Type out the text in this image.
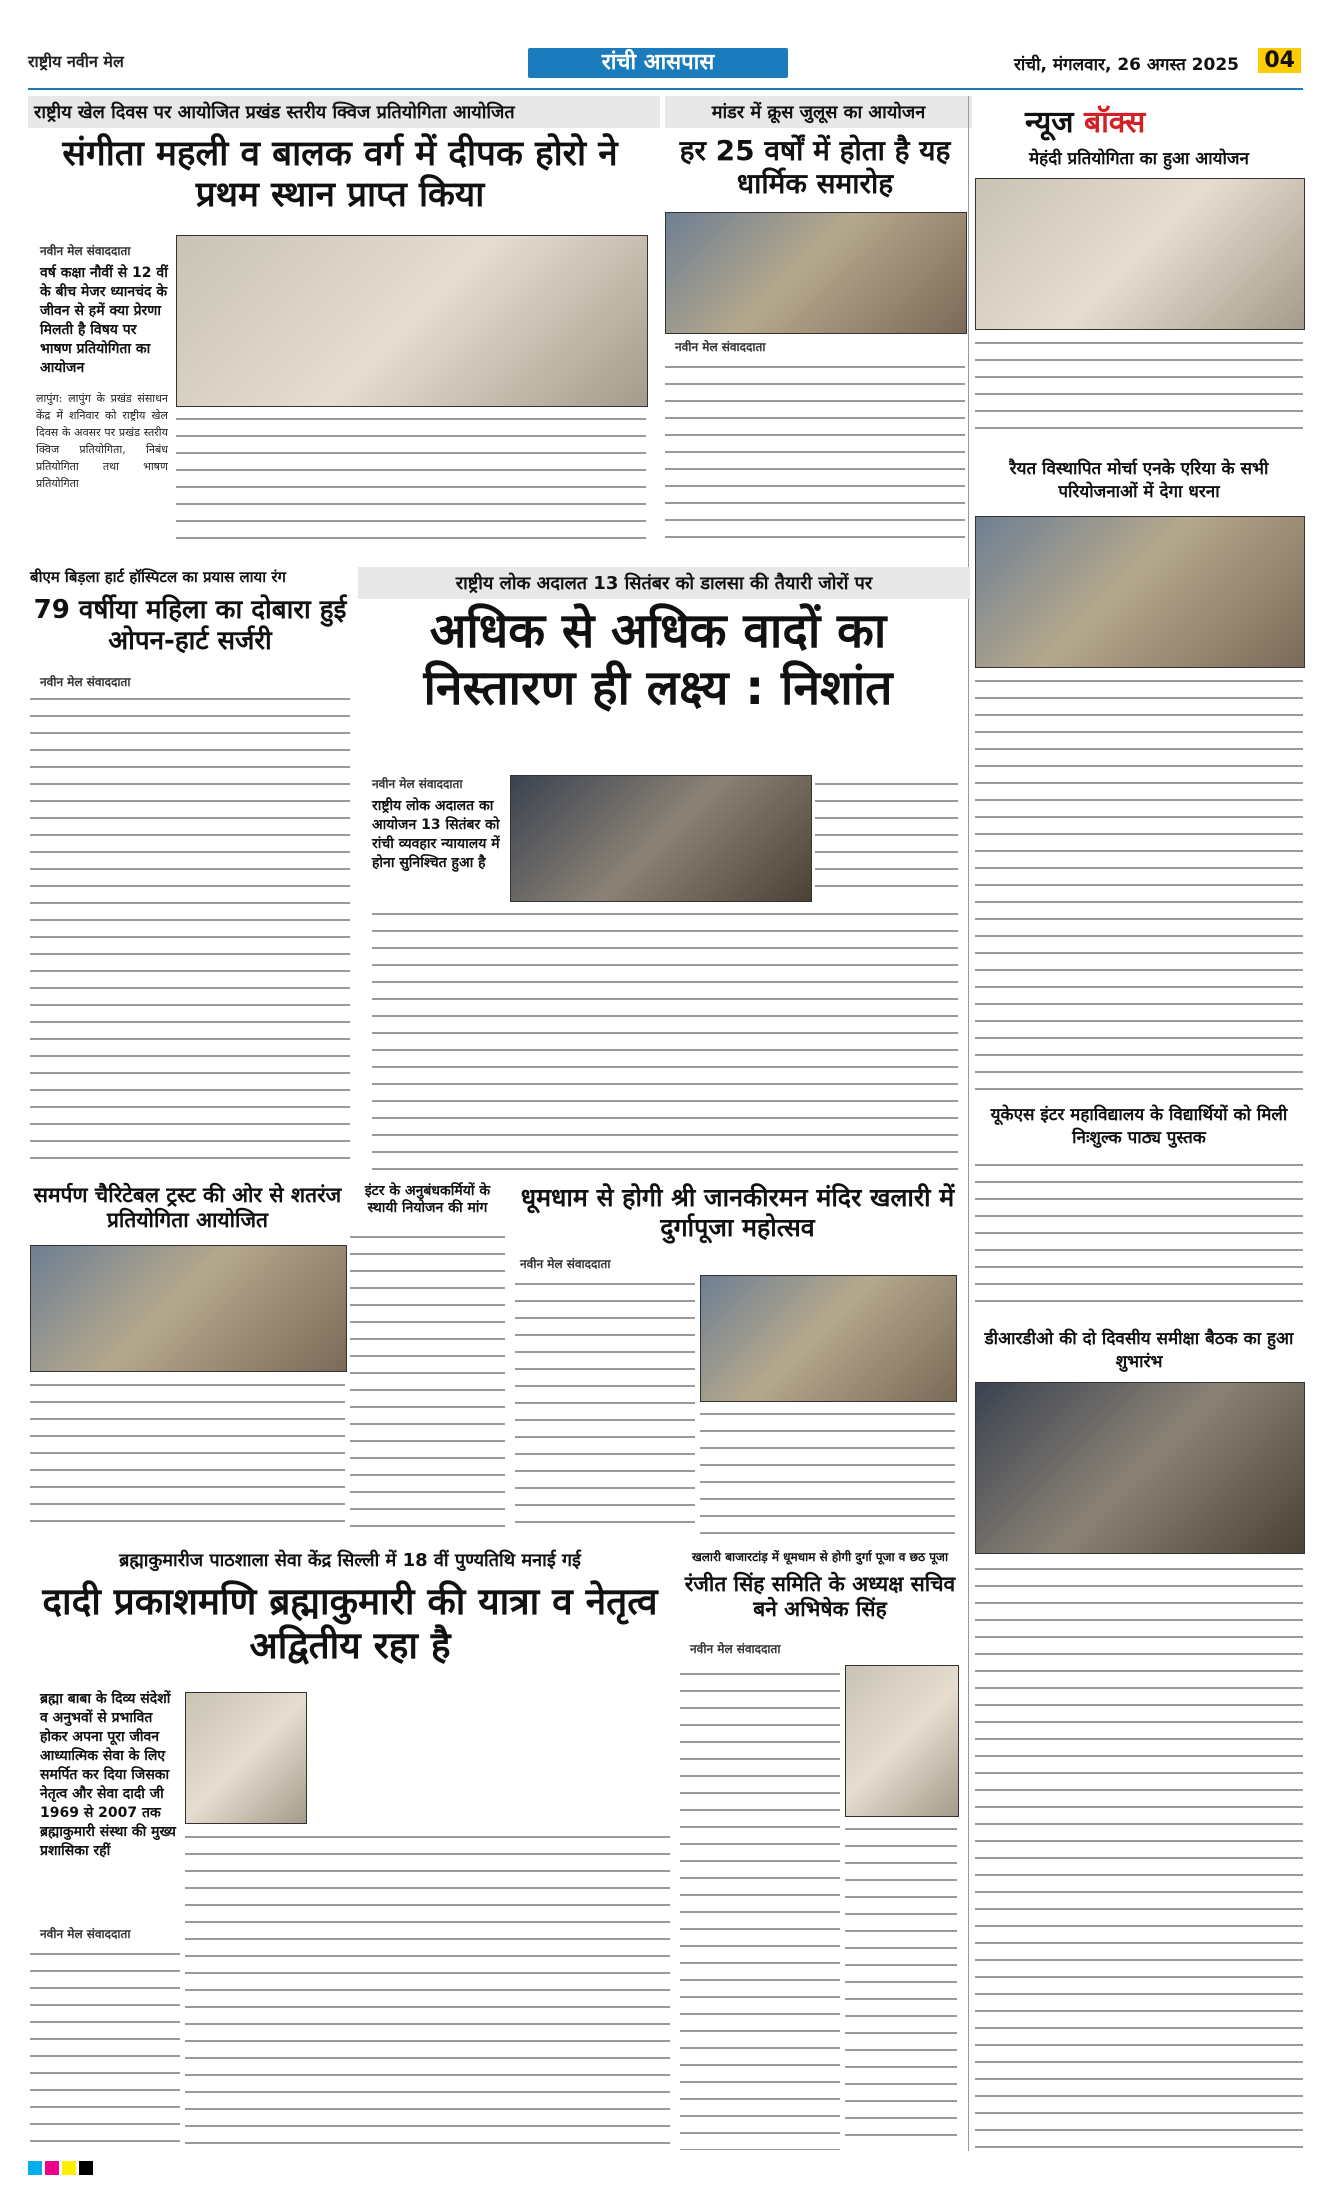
राष्ट्रीय नवीन मेल	रांची आसपास	रांची, मंगलवार, 26 अगस्त 2025 04
राष्ट्रीय खेल दिवस पर आयोजित प्रखंड स्तरीय क्विज प्रतियोगिता आयोजित
संगीता महली व बालक वर्ग में दीपक होरो ने प्रथम स्थान प्राप्त किया
नवीन मेल संवाददाता
वर्ष कक्षा नौवीं से 12 वीं के बीच मेजर ध्यानचंद के जीवन से हमें क्या प्रेरणा मिलती है विषय पर भाषण प्रतियोगिता का आयोजन
लापुंग: लापुंग के प्रखंड संसाधन केंद्र में शनिवार को राष्ट्रीय खेल दिवस के अवसर पर प्रखंड स्तरीय क्विज प्रतियोगिता, निबंध प्रतियोगिता तथा भाषण प्रतियोगिता
मांडर में क्रूस जुलूस का आयोजन
हर 25 वर्षों में होता है यह धार्मिक समारोह
नवीन मेल संवाददाता
न्यूज बॉक्स
मेहंदी प्रतियोगिता का हुआ आयोजन
रैयत विस्थापित मोर्चा एनके एरिया के सभी परियोजनाओं में देगा धरना
यूकेएस इंटर महाविद्यालय के विद्यार्थियों को मिली निःशुल्क पाठ्य पुस्तक
डीआरडीओ की दो दिवसीय समीक्षा बैठक का हुआ शुभारंभ
बीएम बिड़ला हार्ट हॉस्पिटल का प्रयास लाया रंग
79 वर्षीया महिला का दोबारा हुई ओपन-हार्ट सर्जरी
नवीन मेल संवाददाता
राष्ट्रीय लोक अदालत 13 सितंबर को डालसा की तैयारी जोरों पर
अधिक से अधिक वादों का निस्तारण ही लक्ष्य : निशांत
नवीन मेल संवाददाता
राष्ट्रीय लोक अदालत का आयोजन 13 सितंबर को रांची व्यवहार न्यायालय में होना सुनिश्चित हुआ है
समर्पण चैरिटेबल ट्रस्ट की ओर से शतरंज प्रतियोगिता आयोजित
इंटर के अनुबंधकर्मियों के स्थायी नियोजन की मांग	धूमधाम से होगी श्री जानकीरमन मंदिर खलारी में दुर्गापूजा महोत्सव
नवीन मेल संवाददाता
ब्रह्माकुमारीज पाठशाला सेवा केंद्र सिल्ली में 18 वीं पुण्यतिथि मनाई गई
दादी प्रकाशमणि ब्रह्माकुमारी की यात्रा व नेतृत्व अद्वितीय रहा है
ब्रह्मा बाबा के दिव्य संदेशों व अनुभवों से प्रभावित होकर अपना पूरा जीवन आध्यात्मिक सेवा के लिए समर्पित कर दिया जिसका नेतृत्व और सेवा दादी जी 1969 से 2007 तक ब्रह्माकुमारी संस्था की मुख्य प्रशासिका रहीं
नवीन मेल संवाददाता
खलारी बाजारटांड़ में धूमधाम से होगी दुर्गा पूजा व छठ पूजा
रंजीत सिंह समिति के अध्यक्ष सचिव बने अभिषेक सिंह
नवीन मेल संवाददाता
